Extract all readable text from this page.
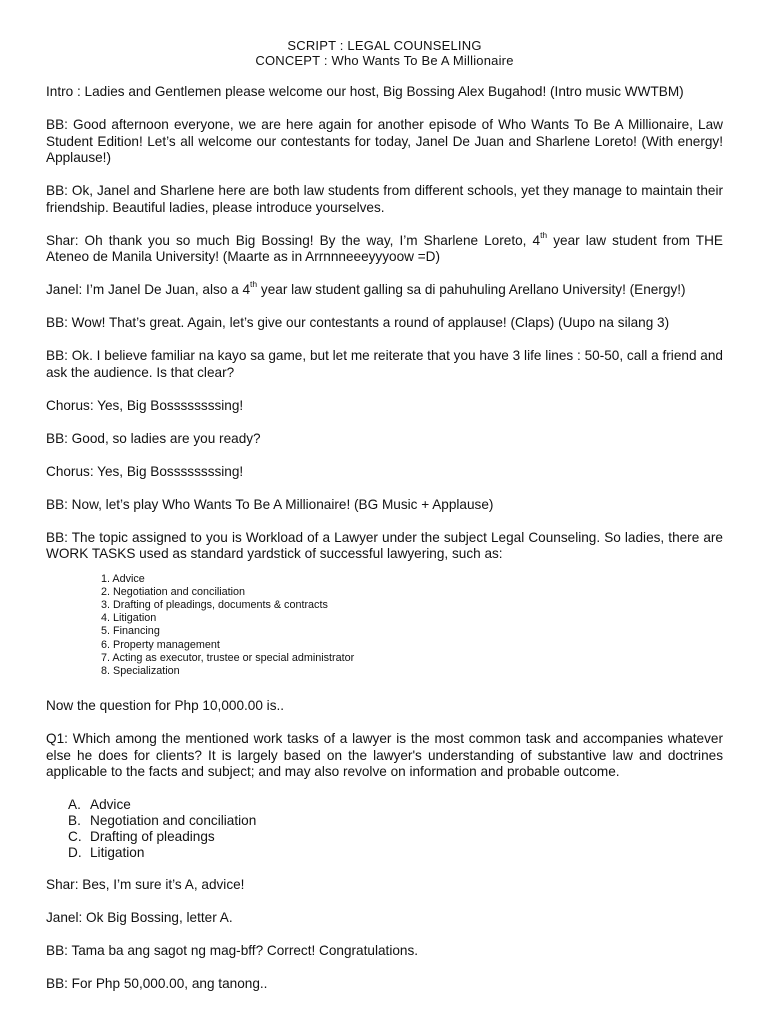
SCRIPT : LEGAL COUNSELING
CONCEPT : Who Wants To Be A Millionaire

Intro : Ladies and Gentlemen please welcome our host, Big Bossing Alex Bugahod! (Intro music WWTBM)

BB: Good afternoon everyone, we are here again for another episode of Who Wants To Be A Millionaire, Law Student Edition! Let’s all welcome our contestants for today, Janel De Juan and Sharlene Loreto! (With energy! Applause!)

BB: Ok, Janel and Sharlene here are both law students from different schools, yet they manage to maintain their friendship. Beautiful ladies, please introduce yourselves.

Shar: Oh thank you so much Big Bossing! By the way, I’m Sharlene Loreto, 4th year law student from THE Ateneo de Manila University! (Maarte as in Arrnnneeeyyyoow =D)

Janel: I’m Janel De Juan, also a 4th year law student galling sa di pahuhuling Arellano University! (Energy!)

BB: Wow! That’s great. Again, let’s give our contestants a round of applause! (Claps) (Uupo na silang 3)

BB: Ok. I believe familiar na kayo sa game, but let me reiterate that you have 3 life lines : 50-50, call a friend and ask the audience. Is that clear?

Chorus: Yes, Big Bossssssssing!

BB: Good, so ladies are you ready?

Chorus: Yes, Big Bossssssssing!

BB: Now, let’s play Who Wants To Be A Millionaire! (BG Music + Applause)

BB: The topic assigned to you is Workload of a Lawyer under the subject Legal Counseling. So ladies, there are WORK TASKS used as standard yardstick of successful lawyering, such as:

1. Advice
2. Negotiation and conciliation
3. Drafting of pleadings, documents & contracts
4. Litigation
5. Financing
6. Property management
7. Acting as executor, trustee or special administrator
8. Specialization

Now the question for Php 10,000.00 is..

Q1: Which among the mentioned work tasks of a lawyer is the most common task and accompanies whatever else he does for clients? It is largely based on the lawyer's understanding of substantive law and doctrines applicable to the facts and subject; and may also revolve on information and probable outcome.

A. Advice
B. Negotiation and conciliation
C. Drafting of pleadings
D. Litigation

Shar: Bes, I’m sure it’s A, advice!

Janel: Ok Big Bossing, letter A.

BB: Tama ba ang sagot ng mag-bff? Correct! Congratulations.

BB: For Php 50,000.00, ang tanong..
